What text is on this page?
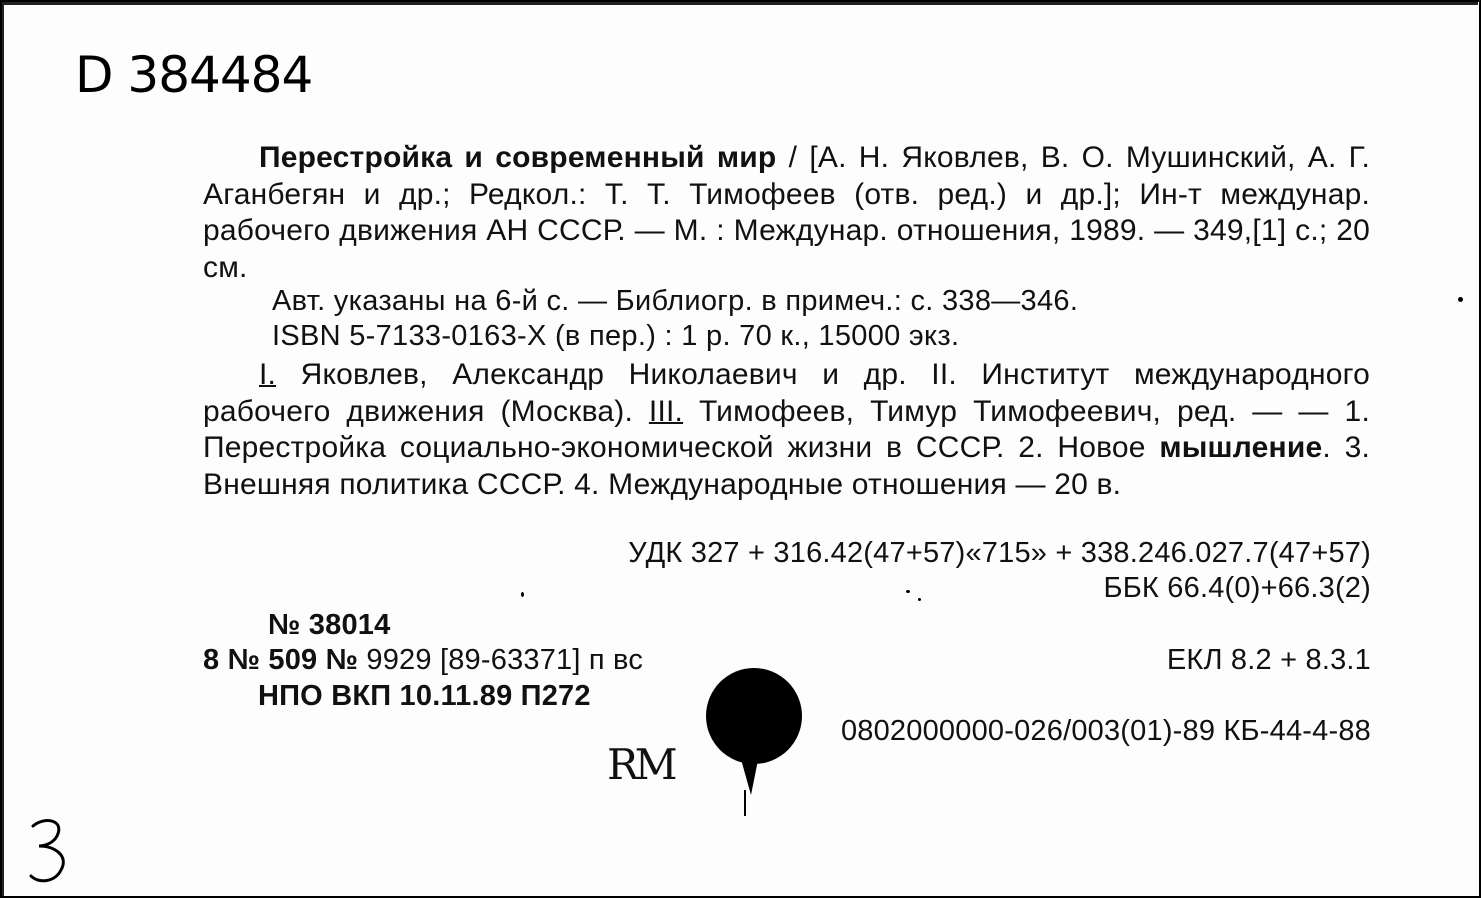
D 384484
Перестройка и современный мир / [А. Н. Яковлев, В. О. Мушинский, А. Г. Аганбегян и др.; Редкол.: Т. Т. Тимофеев (отв. ред.) и др.]; Ин-т междунар. рабочего движения АН СССР. — М. : Междунар. отношения, 1989. — 349,[1] с.; 20 см.
Авт. указаны на 6-й с. — Библиогр. в примеч.: с. 338—346.
ISBN 5-7133-0163-X (в пер.) : 1 р. 70 к., 15000 экз.
I. Яковлев, Александр Николаевич и др. II. Институт международного рабочего движения (Москва). III. Тимофеев, Тимур Тимофеевич, ред. — — 1. Перестройка социально-экономической жизни в СССР. 2. Новое мышление. 3. Внешняя политика СССР. 4. Международные отношения — 20 в.
УДК 327 + 316.42(47+57)«715» + 338.246.027.7(47+57)
ББК 66.4(0)+66.3(2)
№ 38014
8 № 509 № 9929 [89-63371] п вс	ЕКЛ 8.2 + 8.3.1
НПО ВКП 10.11.89 П272
0802000000-026/003(01)-89 КБ-44-4-88
RM
